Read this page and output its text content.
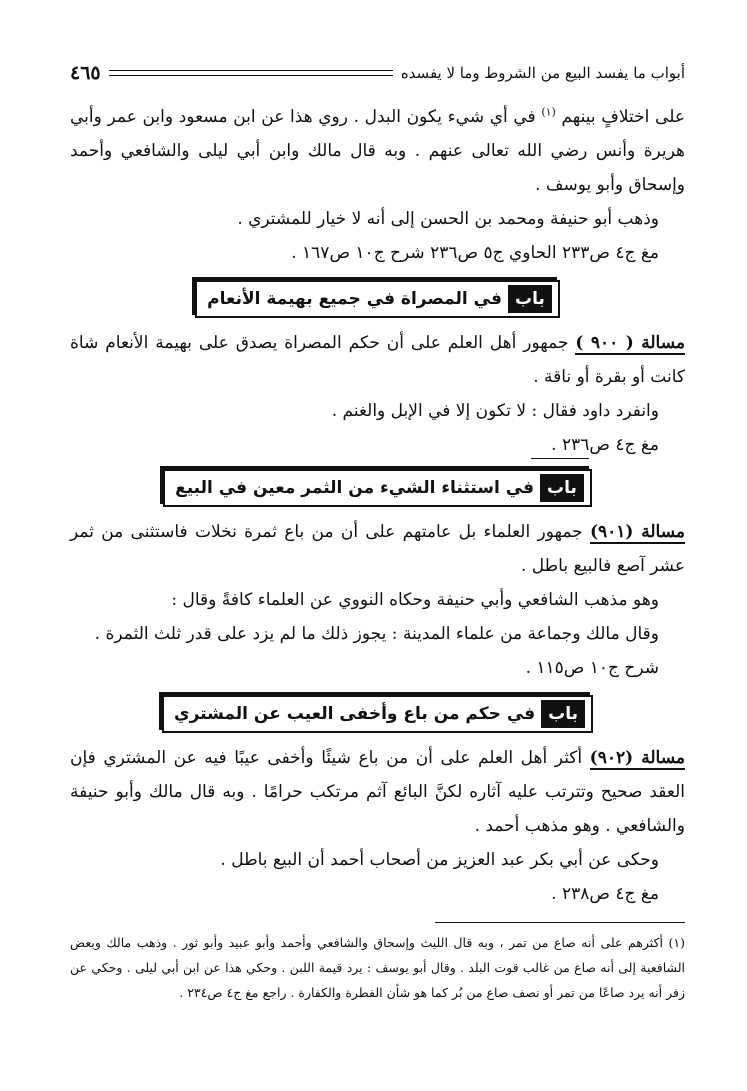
أبواب ما يفسد البيع من الشروط وما لا يفسده
٤٦٥

على اختلافٍ بينهم $^{(١)}$ في أي شيء يكون البدل . روي هذا عن ابن مسعود وابن عمر وأبي هريرة وأنس رضي الله تعالى عنهم . وبه قال مالك وابن أبي ليلى والشافعي وأحمد وإسحاق وأبو يوسف .

وذهب أبو حنيفة ومحمد بن الحسن إلى أنه لا خيار للمشتري .

مغ ج٤ ص٢٣٣ الحاوي ج٥ ص٢٣٦ شرح ج١٠ ص١٦٧ .

باب
في المصراة في جميع بهيمة الأنعام

مسالة ( ٩٠٠ ) جمهور أهل العلم على أن حكم المصراة يصدق على بهيمة الأنعام شاة كانت أو بقرة أو ناقة .

وانفرد داود فقال : لا تكون إلا في الإبل والغنم .

مغ ج٤ ص٢٣٦ .

باب
في استثناء الشيء من الثمر معين في البيع

مسالة (٩٠١) جمهور العلماء بل عامتهم على أن من باع ثمرة نخلات فاستثنى من ثمر عشر آصع فالبيع باطل .

وهو مذهب الشافعي وأبي حنيفة وحكاه النووي عن العلماء كافةً وقال :

وقال مالك وجماعة من علماء المدينة : يجوز ذلك ما لم يزد على قدر ثلث الثمرة .

شرح ج١٠ ص١١٥ .

باب
في حكم من باع وأخفى العيب عن المشتري

مسالة (٩٠٢) أكثر أهل العلم على أن من باع شيئًا وأخفى عيبًا فيه عن المشتري فإن العقد صحيح وتترتب عليه آثاره لكنَّ البائع آثم مرتكب حرامًا . وبه قال مالك وأبو حنيفة والشافعي . وهو مذهب أحمد .

وحكى عن أبي بكر عبد العزيز من أصحاب أحمد أن البيع باطل .

مغ ج٤ ص٢٣٨ .

(١) أكثرهم على أنه صاع من تمر ، وبه قال الليث وإسحاق والشافعي وأحمد وأبو عبيد وأبو ثور . وذهب مالك وبعض الشافعية إلى أنه صاع من غالب قوت البلد . وقال أبو يوسف : يرد قيمة اللبن . وحكي هذا عن ابن أبي ليلى . وحكي عن زفر أنه يرد صاعًا من تمر أو نصف صاع من بُر كما هو شأن الفطرة والكفارة . راجع مغ ج٤ ص٢٣٤ .
